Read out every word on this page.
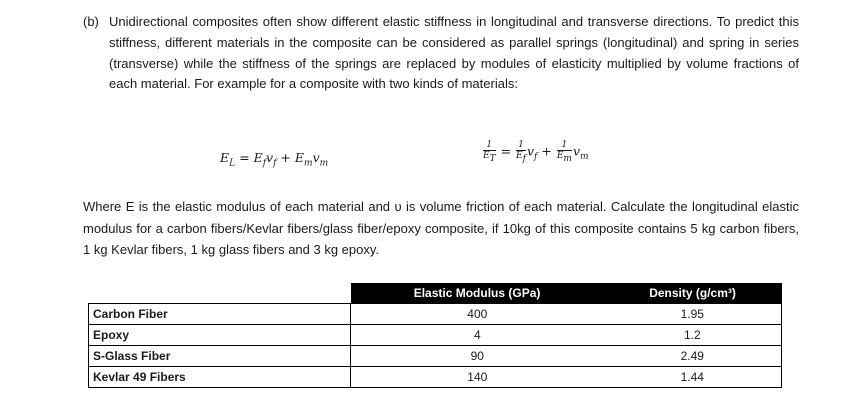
(b) Unidirectional composites often show different elastic stiffness in longitudinal and transverse directions. To predict this stiffness, different materials in the composite can be considered as parallel springs (longitudinal) and spring in series (transverse) while the stiffness of the springs are replaced by modules of elasticity multiplied by volume fractions of each material. For example for a composite with two kinds of materials:
$E_L = E_fv_f + E_mv_m$	$\frac{1}{E_T} = \frac{1}{E_f} v_f + \frac{1}{E_m} v_m$
Where E is the elastic modulus of each material and υ is volume friction of each material. Calculate the longitudinal elastic modulus for a carbon fibers/Kevlar fibers/glass fiber/epoxy composite, if 10kg of this composite contains 5 kg carbon fibers, 1 kg Kevlar fibers, 1 kg glass fibers and 3 kg epoxy.
	Elastic Modulus (GPa)	Density (g/cm³)
Carbon Fiber	400	1.95
Epoxy	4	1.2
S-Glass Fiber	90	2.49
Kevlar 49 Fibers	140	1.44
